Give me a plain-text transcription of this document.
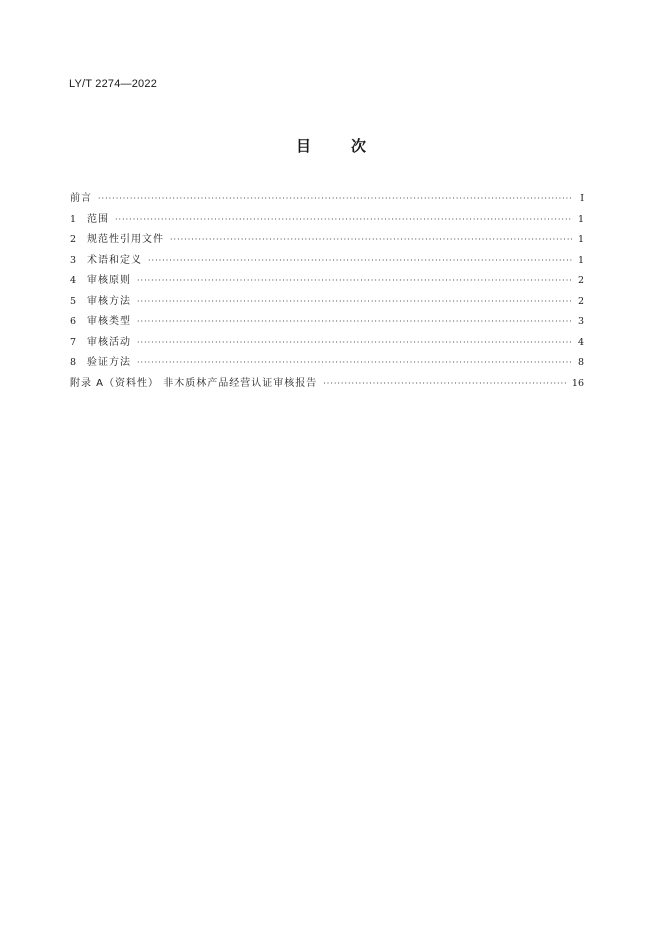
LY/T 2274—2022
目次
前言 ·····	I
1	范围 ·····	1
2	规范性引用文件 ·····	1
3	术语和定义 ·····	1
4	审核原则 ·····	2
5	审核方法 ·····	2
6	审核类型 ·····	3
7	审核活动 ·····	4
8	验证方法 ·····	8
附录 A（资料性） 非木质林产品经营认证审核报告 ·····	16
